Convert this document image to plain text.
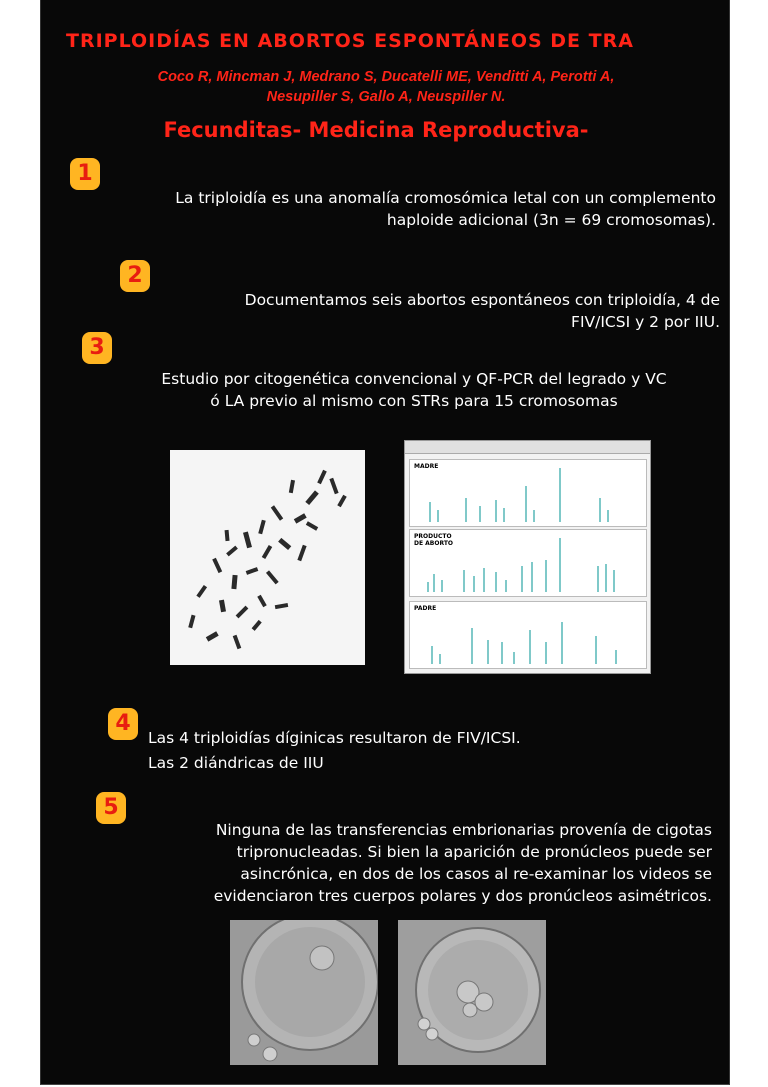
TRIPLOIDÍAS EN ABORTOS ESPONTÁNEOS DE TRA
Coco R, Mincman J, Medrano S, Ducatelli ME, Venditti A, Perotti A,
Nesupiller S, Gallo A, Neuspiller N.
Fecunditas- Medicina Reproductiva-
1
La triploidía es una anomalía cromosómica letal con un complemento
haploide adicional (3n = 69 cromosomas).
2
Documentamos seis abortos espontáneos con triploidía, 4 de
FIV/ICSI y 2 por IIU.
3
Estudio por citogenética convencional y QF-PCR del legrado y VC
ó LA previo al mismo con STRs para 15 cromosomas
MADRE
PRODUCTO
DE ABORTO
PADRE
4
Las 4 triploidías díginicas resultaron de FIV/ICSI.
Las 2 diándricas de IIU
5
Ninguna de las transferencias embrionarias provenía de cigotas
tripronucleadas. Si bien la aparición de pronúcleos puede ser
asincrónica, en dos de los casos al re-examinar los videos se
evidenciaron tres cuerpos polares y dos pronúcleos asimétricos.
